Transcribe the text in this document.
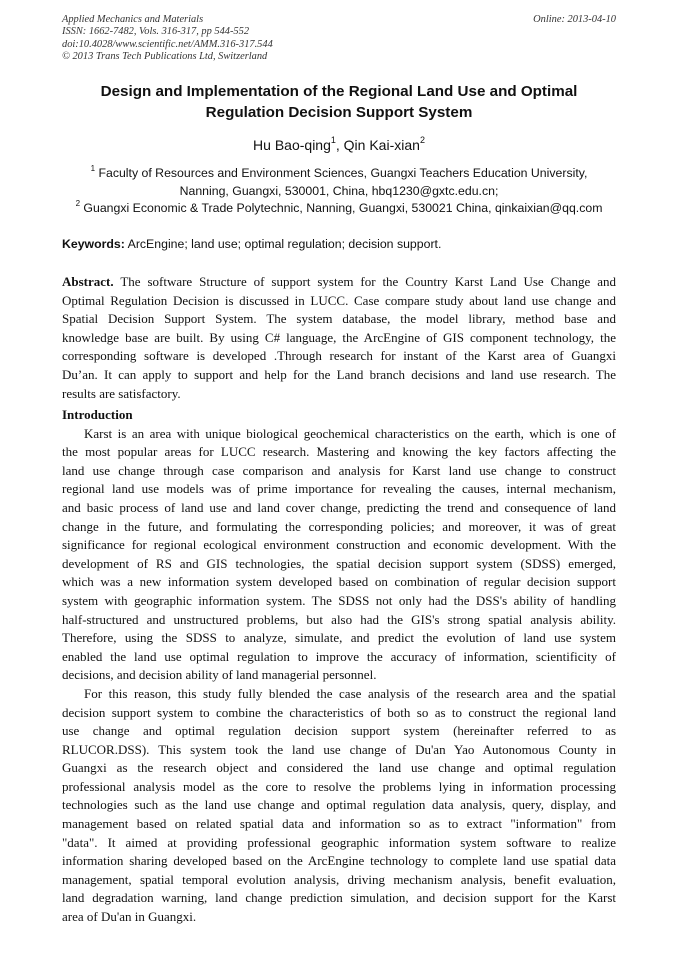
Applied Mechanics and Materials
ISSN: 1662-7482, Vols. 316-317, pp 544-552
doi:10.4028/www.scientific.net/AMM.316-317.544
© 2013 Trans Tech Publications Ltd, Switzerland
Online: 2013-04-10
Design and Implementation of the Regional Land Use and Optimal
Regulation Decision Support System
Hu Bao-qing$^1$, Qin Kai-xian$^2$
$^1$ Faculty of Resources and Environment Sciences, Guangxi Teachers Education University,
Nanning, Guangxi, 530001, China, hbq1230@gxtc.edu.cn;
$^2$ Guangxi Economic & Trade Polytechnic, Nanning, Guangxi, 530021 China, qinkaixian@qq.com
Keywords: ArcEngine; land use; optimal regulation; decision support.
Abstract. The software Structure of support system for the Country Karst Land Use Change and
Optimal Regulation Decision is discussed in LUCC. Case compare study about land use change and
Spatial Decision Support System. The system database, the model library, method base and
knowledge base are built. By using C# language, the ArcEngine of GIS component technology, the
corresponding software is developed .Through research for instant of the Karst area of Guangxi
Du’an. It can apply to support and help for the Land branch decisions and land use research. The
results are satisfactory.
Introduction
Karst is an area with unique biological geochemical characteristics on the earth, which is one of
the most popular areas for LUCC research. Mastering and knowing the key factors affecting the
land use change through case comparison and analysis for Karst land use change to construct
regional land use models was of prime importance for revealing the causes, internal mechanism,
and basic process of land use and land cover change, predicting the trend and consequence of land
change in the future, and formulating the corresponding policies; and moreover, it was of great
significance for regional ecological environment construction and economic development. With the
development of RS and GIS technologies, the spatial decision support system (SDSS) emerged,
which was a new information system developed based on combination of regular decision support
system with geographic information system. The SDSS not only had the DSS's ability of handling
half-structured and unstructured problems, but also had the GIS's strong spatial analysis ability.
Therefore, using the SDSS to analyze, simulate, and predict the evolution of land use system
enabled the land use optimal regulation to improve the accuracy of information, scientificity of
decisions, and decision ability of land managerial personnel.
For this reason, this study fully blended the case analysis of the research area and the spatial
decision support system to combine the characteristics of both so as to construct the regional land
use change and optimal regulation decision support system (hereinafter referred to as
RLUCOR.DSS). This system took the land use change of Du'an Yao Autonomous County in
Guangxi as the research object and considered the land use change and optimal regulation
professional analysis model as the core to resolve the problems lying in information processing
technologies such as the land use change and optimal regulation data analysis, query, display, and
management based on related spatial data and information so as to extract "information" from
"data". It aimed at providing professional geographic information system software to realize
information sharing developed based on the ArcEngine technology to complete land use spatial data
management, spatial temporal evolution analysis, driving mechanism analysis, benefit evaluation,
land degradation warning, land change prediction simulation, and decision support for the Karst
area of Du'an in Guangxi.
